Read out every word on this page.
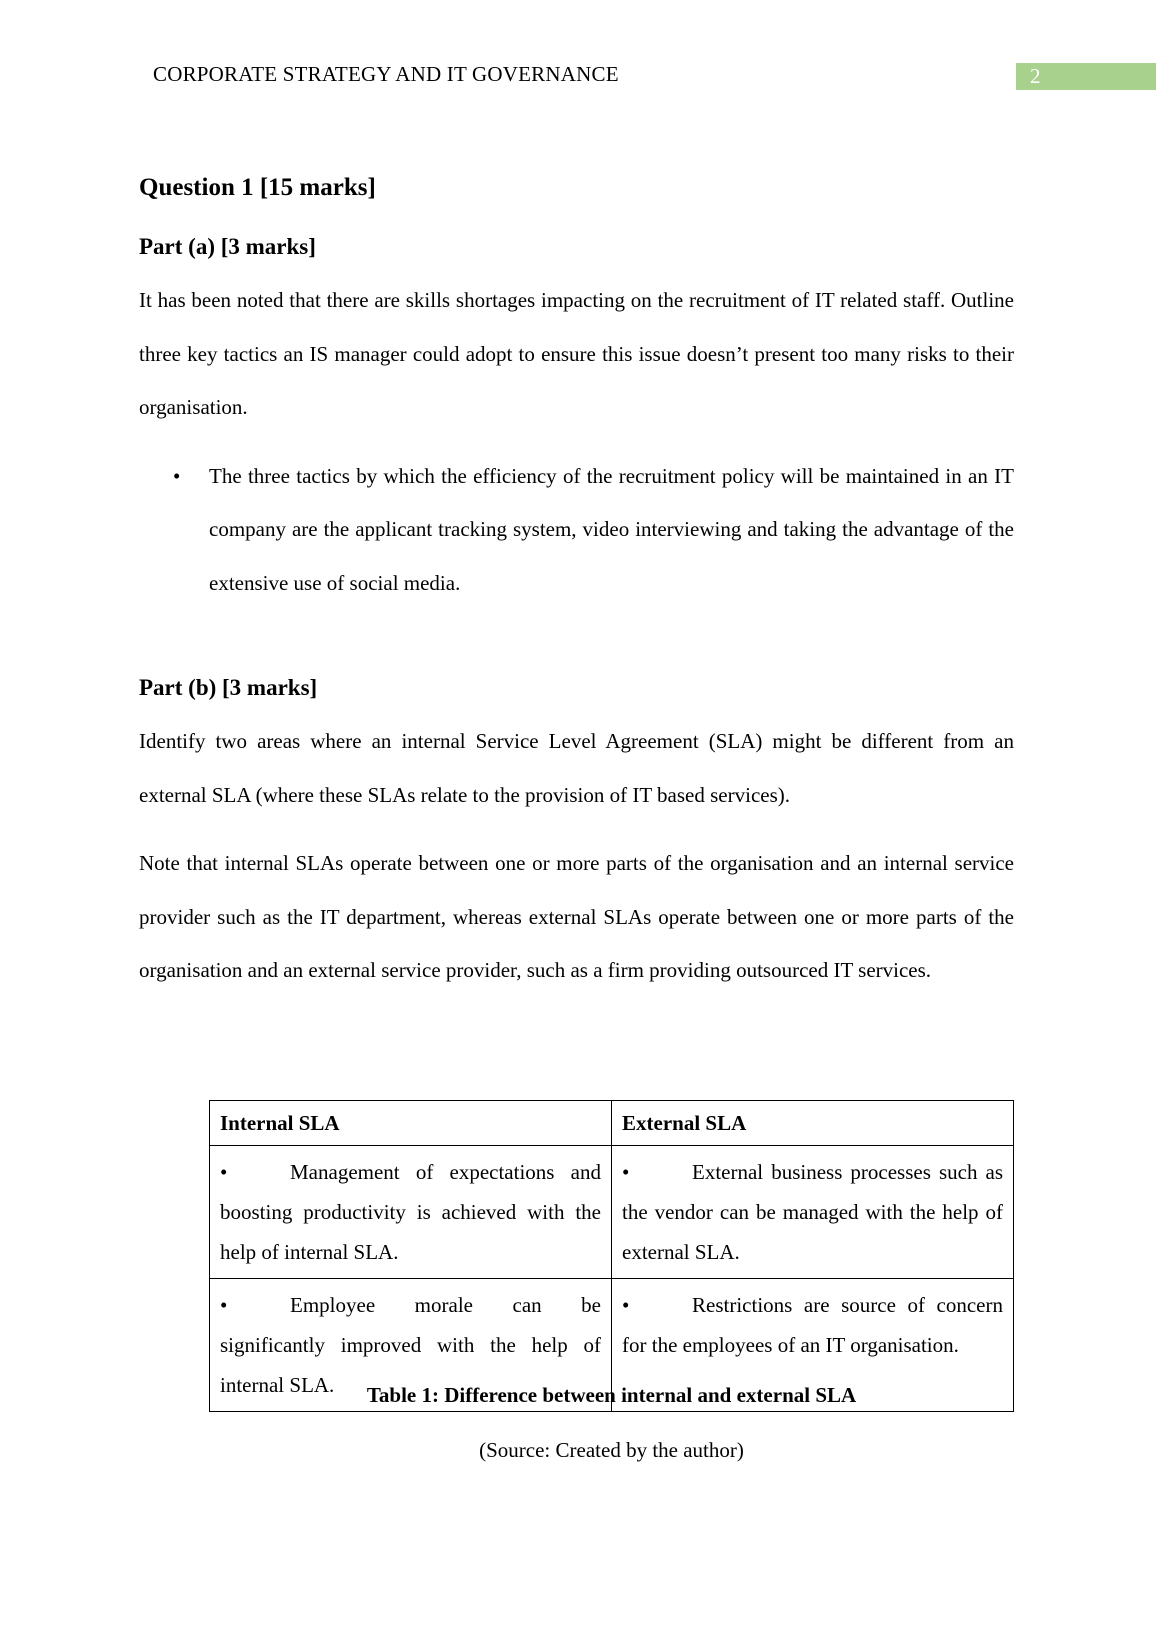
CORPORATE STRATEGY AND IT GOVERNANCE	2
Question 1 [15 marks]
Part (a) [3 marks]

It has been noted that there are skills shortages impacting on the recruitment of IT related staff. Outline three key tactics an IS manager could adopt to ensure this issue doesn’t present too many risks to their organisation.

• The three tactics by which the efficiency of the recruitment policy will be maintained in an IT company are the applicant tracking system, video interviewing and taking the advantage of the extensive use of social media.
Part (b) [3 marks]

Identify two areas where an internal Service Level Agreement (SLA) might be different from an external SLA (where these SLAs relate to the provision of IT based services).

Note that internal SLAs operate between one or more parts of the organisation and an internal service provider such as the IT department, whereas external SLAs operate between one or more parts of the organisation and an external service provider, such as a firm providing outsourced IT services.

Internal SLA	External SLA
• Management of expectations and boosting productivity is achieved with the help of internal SLA.	• External business processes such as the vendor can be managed with the help of external SLA.
• Employee morale can be significantly improved with the help of internal SLA.	• Restrictions are source of concern for the employees of an IT organisation.
Table 1: Difference between internal and external SLA
(Source: Created by the author)
